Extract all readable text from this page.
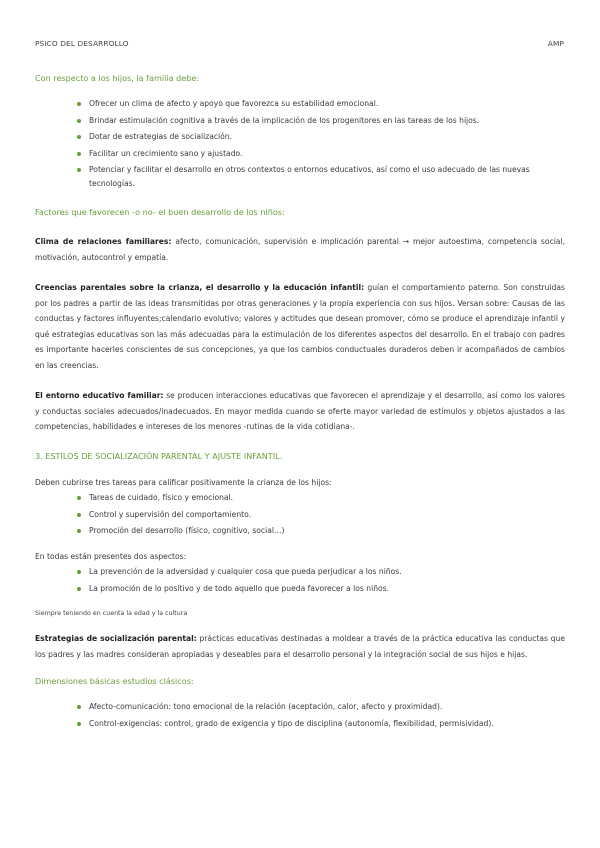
PSICO DEL DESARROLLO	AMP
Con respecto a los hijos, la familia debe:
Ofrecer un clima de afecto y apoyo que favorezca su estabilidad emocional.
Brindar estimulación cognitiva a través de la implicación de los progenitores en las tareas de los hijos.
Dotar de estrategias de socialización.
Facilitar un crecimiento sano y ajustado.
Potenciar y facilitar el desarrollo en otros contextos o entornos educativos, así como el uso adecuado de las nuevas tecnologías.
Factores que favorecen -o no- el buen desarrollo de los niños:

Clima de relaciones familiares: afecto, comunicación, supervisión e implicación parental → mejor autoestima, competencia social, motivación, autocontrol y empatía.

Creencias parentales sobre la crianza, el desarrollo y la educación infantil: guían el comportamiento paterno. Son construidas por los padres a partir de las ideas transmitidas por otras generaciones y la propia experiencia con sus hijos. Versan sobre: Causas de las conductas y factores influyentes;calendario evolutivo; valores y actitudes que desean promover, cómo se produce el aprendizaje infantil y qué estrategias educativas son las más adecuadas para la estimulación de los diferentes aspectos del desarrollo. En el trabajo con padres es importante hacerles conscientes de sus concepciones, ya que los cambios conductuales duraderos deben ir acompañados de cambios en las creencias.

El entorno educativo familiar: se producen interacciones educativas que favorecen el aprendizaje y el desarrollo, así como los valores y conductas sociales adecuados/inadecuados. En mayor medida cuando se oferte mayor variedad de estímulos y objetos ajustados a las competencias, habilidades e intereses de los menores -rutinas de la vida cotidiana-.

3. ESTILOS DE SOCIALIZACIÓN PARENTAL Y AJUSTE INFANTIL.

Deben cubrirse tres tareas para calificar positivamente la crianza de los hijos:

Tareas de cuidado, físico y emocional.
Control y supervisión del comportamiento.
Promoción del desarrollo (físico, cognitivo, social…)

En todas están presentes dos aspectos:

La prevención de la adversidad y cualquier cosa que pueda perjudicar a los niños.
La promoción de lo positivo y de todo aquello que pueda favorecer a los niños.

Siempre teniendo en cuenta la edad y la cultura

Estrategias de socialización parental: prácticas educativas destinadas a moldear a través de la práctica educativa las conductas que los padres y las madres consideran apropiadas y deseables para el desarrollo personal y la integración social de sus hijos e hijas.

Dimensiones básicas estudios clásicos:
Afecto-comunicación: tono emocional de la relación (aceptación, calor, afecto y proximidad).
Control-exigencias: control, grado de exigencia y tipo de disciplina (autonomía, flexibilidad, permisividad).
